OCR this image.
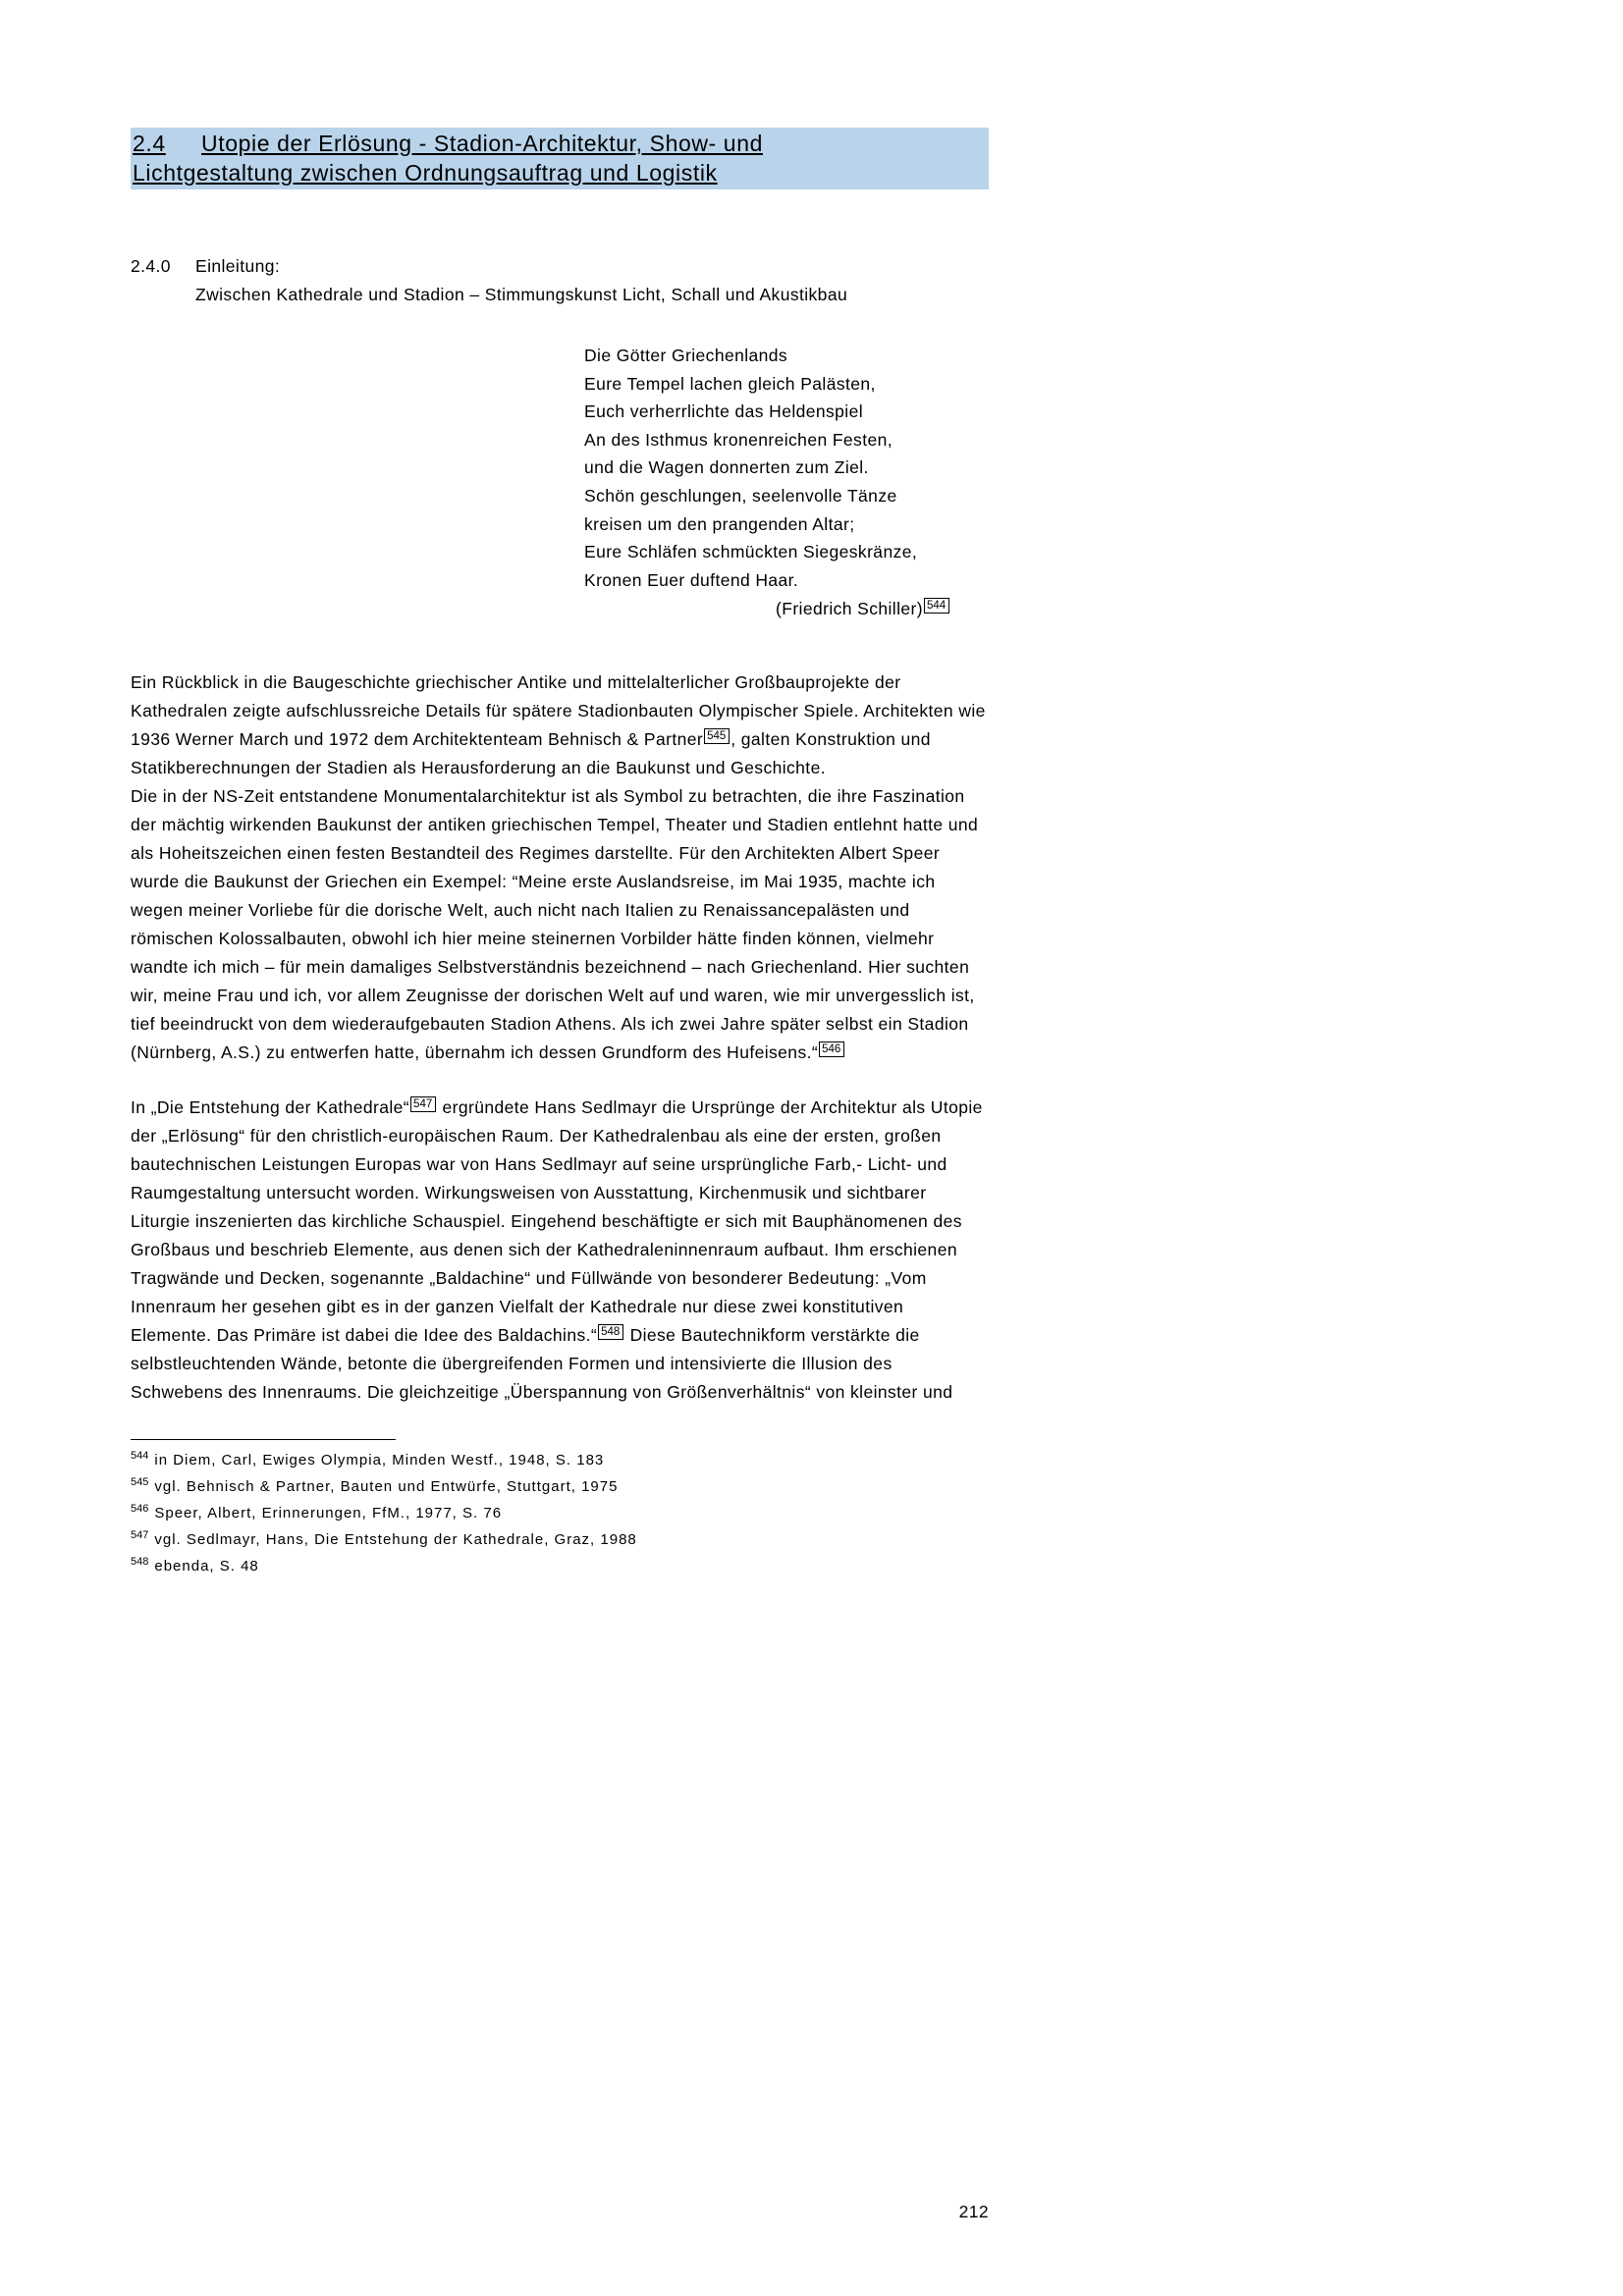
2.4 Utopie der Erlösung - Stadion-Architektur, Show- und
Lichtgestaltung zwischen Ordnungsauftrag und Logistik
2.4.0	Einleitung:
Zwischen Kathedrale und Stadion – Stimmungskunst Licht, Schall und Akustikbau
Die Götter Griechenlands
Eure Tempel lachen gleich Palästen,
Euch verherrlichte das Heldenspiel
An des Isthmus kronenreichen Festen,
und die Wagen donnerten zum Ziel.
Schön geschlungen, seelenvolle Tänze
kreisen um den prangenden Altar;
Eure Schläfen schmückten Siegeskränze,
Kronen Euer duftend Haar.
(Friedrich Schiller) $^{544}$
Ein Rückblick in die Baugeschichte griechischer Antike und mittelalterlicher Großbauprojekte der Kathedralen zeigte aufschlussreiche Details für spätere Stadionbauten Olympischer Spiele. Architekten wie 1936 Werner March und 1972 dem Architektenteam Behnisch & Partner $^{545}$ , galten Konstruktion und Statikberechnungen der Stadien als Herausforderung an die Baukunst und Geschichte.
Die in der NS-Zeit entstandene Monumentalarchitektur ist als Symbol zu betrachten, die ihre Faszination der mächtig wirkenden Baukunst der antiken griechischen Tempel, Theater und Stadien entlehnt hatte und als Hoheitszeichen einen festen Bestandteil des Regimes darstellte. Für den Architekten Albert Speer wurde die Baukunst der Griechen ein Exempel: “Meine erste Auslandsreise, im Mai 1935, machte ich wegen meiner Vorliebe für die dorische Welt, auch nicht nach Italien zu Renaissancepalästen und römischen Kolossalbauten, obwohl ich hier meine steinernen Vorbilder hätte finden können, vielmehr wandte ich mich – für mein damaliges Selbstverständnis bezeichnend – nach Griechenland. Hier suchten wir, meine Frau und ich, vor allem Zeugnisse der dorischen Welt auf und waren, wie mir unvergesslich ist, tief beeindruckt von dem wiederaufgebauten Stadion Athens. Als ich zwei Jahre später selbst ein Stadion (Nürnberg, A.S.) zu entwerfen hatte, übernahm ich dessen Grundform des Hufeisens.“ $^{546}$
In „Die Entstehung der Kathedrale“ $^{547}$ ergründete Hans Sedlmayr die Ursprünge der Architektur als Utopie der „Erlösung“ für den christlich-europäischen Raum. Der Kathedralenbau als eine der ersten, großen bautechnischen Leistungen Europas war von Hans Sedlmayr auf seine ursprüngliche Farb,- Licht- und Raumgestaltung untersucht worden. Wirkungsweisen von Ausstattung, Kirchenmusik und sichtbarer Liturgie inszenierten das kirchliche Schauspiel. Eingehend beschäftigte er sich mit Bauphänomenen des Großbaus und beschrieb Elemente, aus denen sich der Kathedraleninnenraum aufbaut. Ihm erschienen Tragwände und Decken, sogenannte „Baldachine“ und Füllwände von besonderer Bedeutung: „Vom Innenraum her gesehen gibt es in der ganzen Vielfalt der Kathedrale nur diese zwei konstitutiven Elemente. Das Primäre ist dabei die Idee des Baldachins.“ $^{548}$ Diese Bautechnikform verstärkte die selbstleuchtenden Wände, betonte die übergreifenden Formen und intensivierte die Illusion des Schwebens des Innenraums. Die gleichzeitige „Überspannung von Größenverhältnis“ von kleinster und
$^{544}$ in Diem, Carl, Ewiges Olympia, Minden Westf., 1948, S. 183
$^{545}$ vgl. Behnisch & Partner, Bauten und Entwürfe, Stuttgart, 1975
$^{546}$ Speer, Albert, Erinnerungen, FfM., 1977, S. 76
$^{547}$ vgl. Sedlmayr, Hans, Die Entstehung der Kathedrale, Graz, 1988
$^{548}$ ebenda, S. 48
212
